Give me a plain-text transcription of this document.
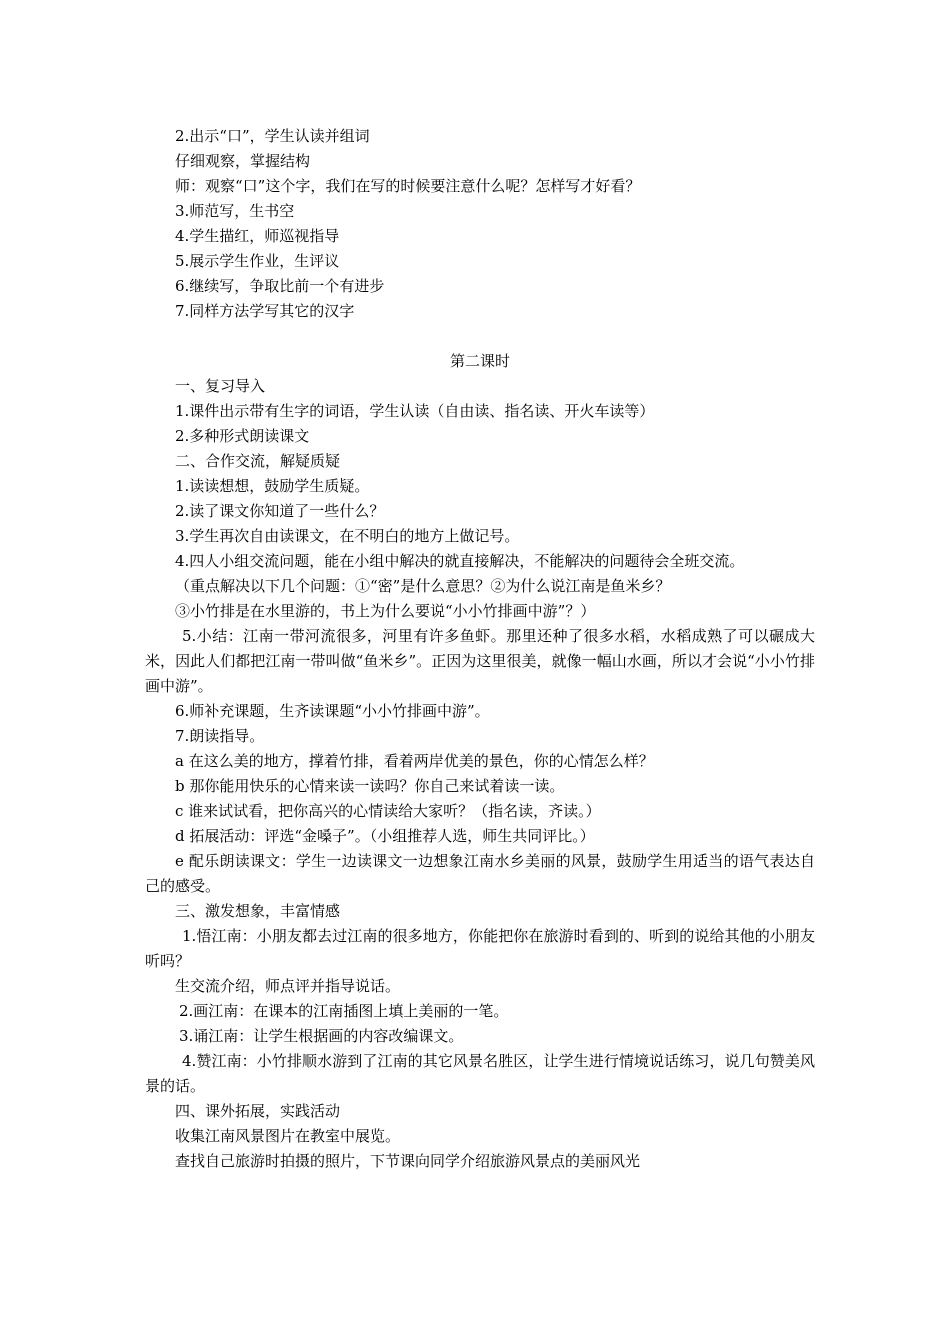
2.出示“口”，学生认读并组词

仔细观察，掌握结构

师：观察“口”这个字，我们在写的时候要注意什么呢？怎样写才好看？

3.师范写，生书空

4.学生描红，师巡视指导

5.展示学生作业，生评议

6.继续写，争取比前一个有进步

7.同样方法学写其它的汉字

第二课时

一、复习导入

1.课件出示带有生字的词语，学生认读（自由读、指名读、开火车读等）

2.多种形式朗读课文

二、合作交流，解疑质疑

1.读读想想，鼓励学生质疑。

2.读了课文你知道了一些什么？

3.学生再次自由读课文，在不明白的地方上做记号。

4.四人小组交流问题，能在小组中解决的就直接解决，不能解决的问题待会全班交流。

（重点解决以下几个问题：①“密”是什么意思？②为什么说江南是鱼米乡？

③小竹排是在水里游的，书上为什么要说“小小竹排画中游”？）

5.小结：江南一带河流很多，河里有许多鱼虾。那里还种了很多水稻，水稻成熟了可以碾成大米，因此人们都把江南一带叫做“鱼米乡”。正因为这里很美，就像一幅山水画，所以才会说“小小竹排画中游”。

6.师补充课题，生齐读课题“小小竹排画中游”。

7.朗读指导。

a 在这么美的地方，撑着竹排，看着两岸优美的景色，你的心情怎么样？

b 那你能用快乐的心情来读一读吗？你自己来试着读一读。

c 谁来试试看，把你高兴的心情读给大家听？（指名读，齐读。）

d 拓展活动：评选“金嗓子”。（小组推荐人选，师生共同评比。）

e 配乐朗读课文：学生一边读课文一边想象江南水乡美丽的风景，鼓励学生用适当的语气表达自己的感受。

三、激发想象，丰富情感

1.悟江南：小朋友都去过江南的很多地方，你能把你在旅游时看到的、听到的说给其他的小朋友听吗？

生交流介绍，师点评并指导说话。

2.画江南：在课本的江南插图上填上美丽的一笔。

3.诵江南：让学生根据画的内容改编课文。

4.赞江南：小竹排顺水游到了江南的其它风景名胜区，让学生进行情境说话练习，说几句赞美风景的话。

四、课外拓展，实践活动

收集江南风景图片在教室中展览。

查找自己旅游时拍摄的照片，下节课向同学介绍旅游风景点的美丽风光
